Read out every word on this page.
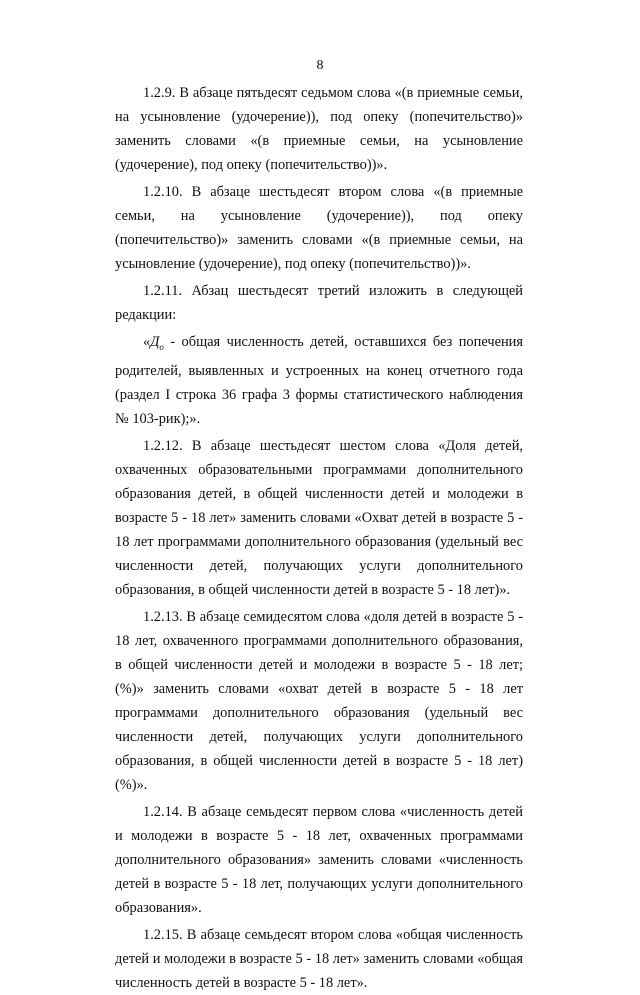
8

1.2.9. В абзаце пятьдесят седьмом слова «(в приемные семьи, на усыновление (удочерение)), под опеку (попечительство)» заменить словами «(в приемные семьи, на усыновление (удочерение), под опеку (попечительство))».

1.2.10. В абзаце шестьдесят втором слова «(в приемные семьи, на усыновление (удочерение)), под опеку (попечительство)» заменить словами «(в приемные семьи, на усыновление (удочерение), под опеку (попечительство))».

1.2.11. Абзац шестьдесят третий изложить в следующей редакции:

«$Д_о$ - общая численность детей, оставшихся без попечения родителей, выявленных и устроенных на конец отчетного года (раздел I строка 36 графа 3 формы статистического наблюдения № 103-рик);».

1.2.12. В абзаце шестьдесят шестом слова «Доля детей, охваченных образовательными программами дополнительного образования детей, в общей численности детей и молодежи в возрасте 5 - 18 лет» заменить словами «Охват детей в возрасте 5 - 18 лет программами дополнительного образования (удельный вес численности детей, получающих услуги дополнительного образования, в общей численности детей в возрасте 5 - 18 лет)».

1.2.13. В абзаце семидесятом слова «доля детей в возрасте 5 - 18 лет, охваченного программами дополнительного образования, в общей численности детей и молодежи в возрасте 5 - 18 лет; (%)» заменить словами «охват детей в возрасте 5 - 18 лет программами дополнительного образования (удельный вес численности детей, получающих услуги дополнительного образования, в общей численности детей в возрасте 5 - 18 лет) (%)».

1.2.14. В абзаце семьдесят первом слова «численность детей и молодежи в возрасте 5 - 18 лет, охваченных программами дополнительного образования» заменить словами «численность детей в возрасте 5 - 18 лет, получающих услуги дополнительного образования».

1.2.15. В абзаце семьдесят втором слова «общая численность детей и молодежи в возрасте 5 - 18 лет» заменить словами «общая численность детей в возрасте 5 - 18 лет».
